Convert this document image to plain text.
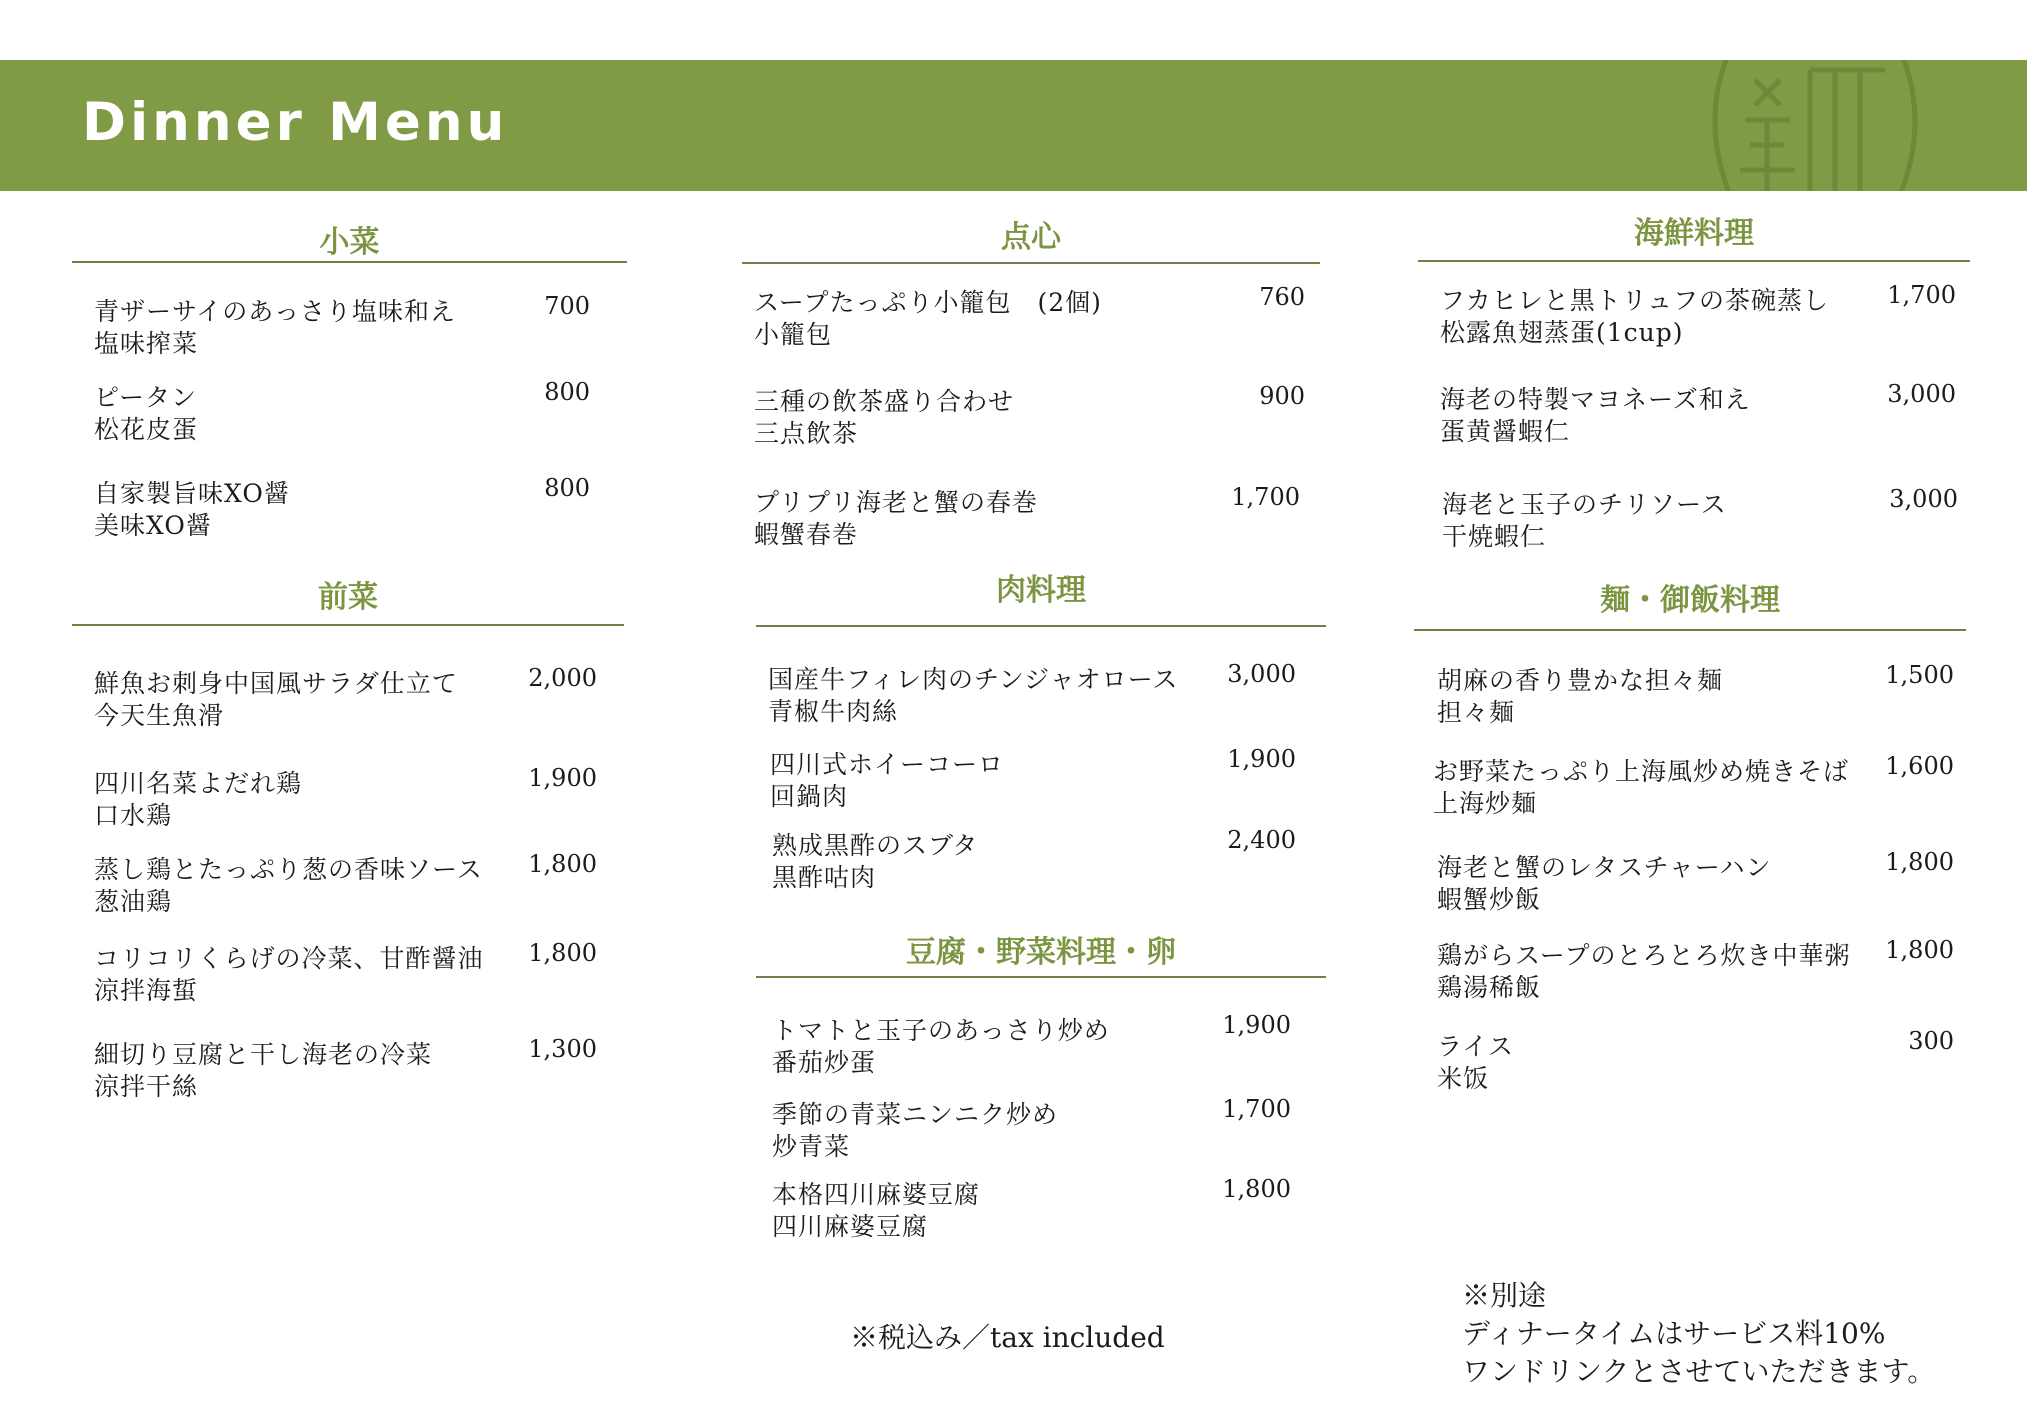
Dinner Menu
小菜
青ザーサイのあっさり塩味和え
塩味搾菜
700
ピータン
松花皮蛋
800
自家製旨味XO醤
美味XO醤
800
前菜
鮮魚お刺身中国風サラダ仕立て
今天生魚滑
2,000
四川名菜よだれ鶏
口水鶏
1,900
蒸し鶏とたっぷり葱の香味ソース
葱油鶏
1,800
コリコリくらげの冷菜、甘酢醤油
涼拌海蜇
1,800
細切り豆腐と干し海老の冷菜
涼拌干絲
1,300
点心
スープたっぷり小籠包　(2個)
小籠包
760
三種の飲茶盛り合わせ
三点飲茶
900
プリプリ海老と蟹の春巻
蝦蟹春巻
1,700
肉料理
国産牛フィレ肉のチンジャオロース
青椒牛肉絲
3,000
四川式ホイーコーロ
回鍋肉
1,900
熟成黒酢のスブタ
黒酢咕肉
2,400
豆腐・野菜料理・卵
トマトと玉子のあっさり炒め
番茄炒蛋
1,900
季節の青菜ニンニク炒め
炒青菜
1,700
本格四川麻婆豆腐
四川麻婆豆腐
1,800
海鮮料理
フカヒレと黒トリュフの茶碗蒸し
松露魚翅蒸蛋(1cup)
1,700
海老の特製マヨネーズ和え
蛋黄醤蝦仁
3,000
海老と玉子のチリソース
干焼蝦仁
3,000
麺・御飯料理
胡麻の香り豊かな担々麺
担々麺
1,500
お野菜たっぷり上海風炒め焼きそば
上海炒麺
1,600
海老と蟹のレタスチャーハン
蝦蟹炒飯
1,800
鶏がらスープのとろとろ炊き中華粥
鶏湯稀飯
1,800
ライス
米饭
300
※税込み／tax included
※別途
ディナータイムはサービス料10%
ワンドリンクとさせていただきます。
